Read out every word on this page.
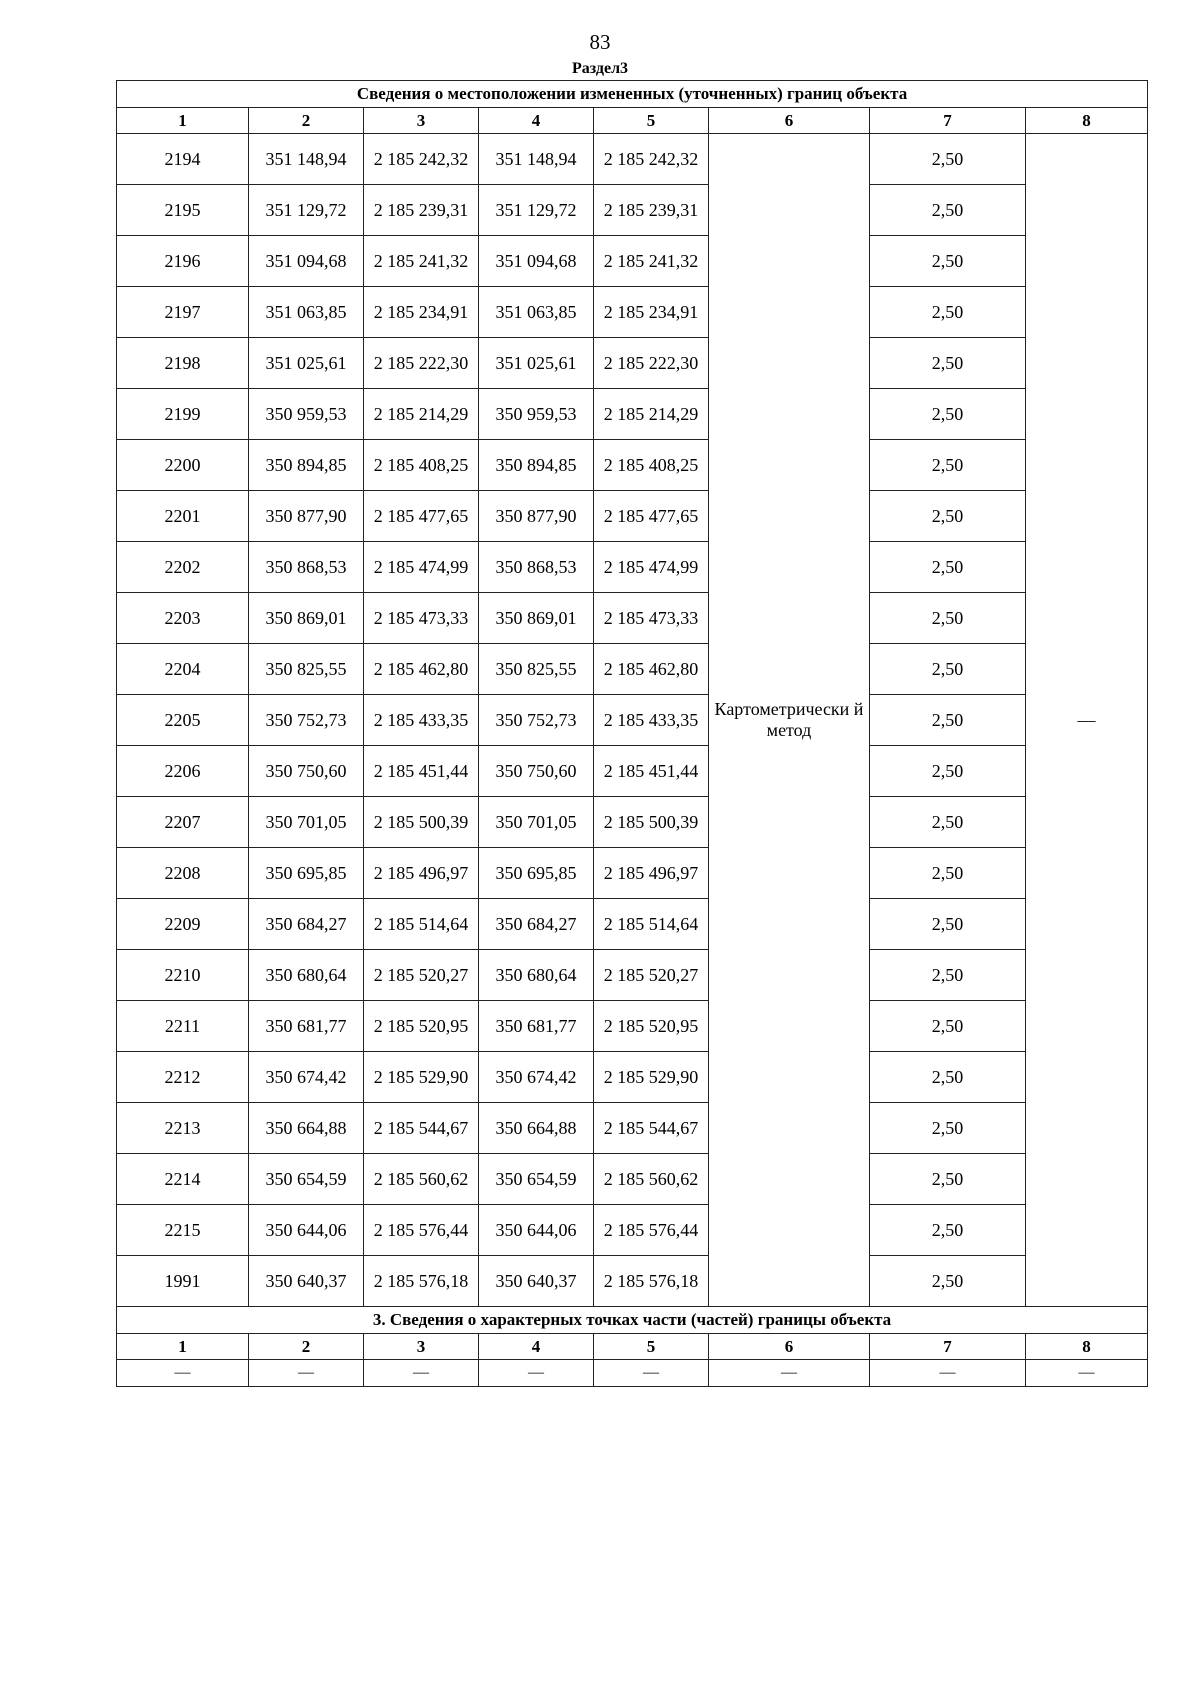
83
Раздел3
Сведения о местоположении измененных (уточненных) границ объекта							
1	2	3	4	5	6	7	8
2194	351 148,94	2 185 242,32	351 148,94	2 185 242,32	Картометрически й метод	2,50	—
2195	351 129,72	2 185 239,31	351 129,72	2 185 239,31		2,50	
2196	351 094,68	2 185 241,32	351 094,68	2 185 241,32		2,50	
2197	351 063,85	2 185 234,91	351 063,85	2 185 234,91		2,50	
2198	351 025,61	2 185 222,30	351 025,61	2 185 222,30		2,50	
2199	350 959,53	2 185 214,29	350 959,53	2 185 214,29		2,50	
2200	350 894,85	2 185 408,25	350 894,85	2 185 408,25		2,50	
2201	350 877,90	2 185 477,65	350 877,90	2 185 477,65		2,50	
2202	350 868,53	2 185 474,99	350 868,53	2 185 474,99		2,50	
2203	350 869,01	2 185 473,33	350 869,01	2 185 473,33		2,50	
2204	350 825,55	2 185 462,80	350 825,55	2 185 462,80		2,50	
2205	350 752,73	2 185 433,35	350 752,73	2 185 433,35		2,50	
2206	350 750,60	2 185 451,44	350 750,60	2 185 451,44		2,50	
2207	350 701,05	2 185 500,39	350 701,05	2 185 500,39		2,50	
2208	350 695,85	2 185 496,97	350 695,85	2 185 496,97		2,50	
2209	350 684,27	2 185 514,64	350 684,27	2 185 514,64		2,50	
2210	350 680,64	2 185 520,27	350 680,64	2 185 520,27		2,50	
2211	350 681,77	2 185 520,95	350 681,77	2 185 520,95		2,50	
2212	350 674,42	2 185 529,90	350 674,42	2 185 529,90		2,50	
2213	350 664,88	2 185 544,67	350 664,88	2 185 544,67		2,50	
2214	350 654,59	2 185 560,62	350 654,59	2 185 560,62		2,50	
2215	350 644,06	2 185 576,44	350 644,06	2 185 576,44		2,50	
1991	350 640,37	2 185 576,18	350 640,37	2 185 576,18		2,50	
3. Сведения о характерных точках части (частей) границы объекта							
1	2	3	4	5	6	7	8
—	—	—	—	—	—	—	—
